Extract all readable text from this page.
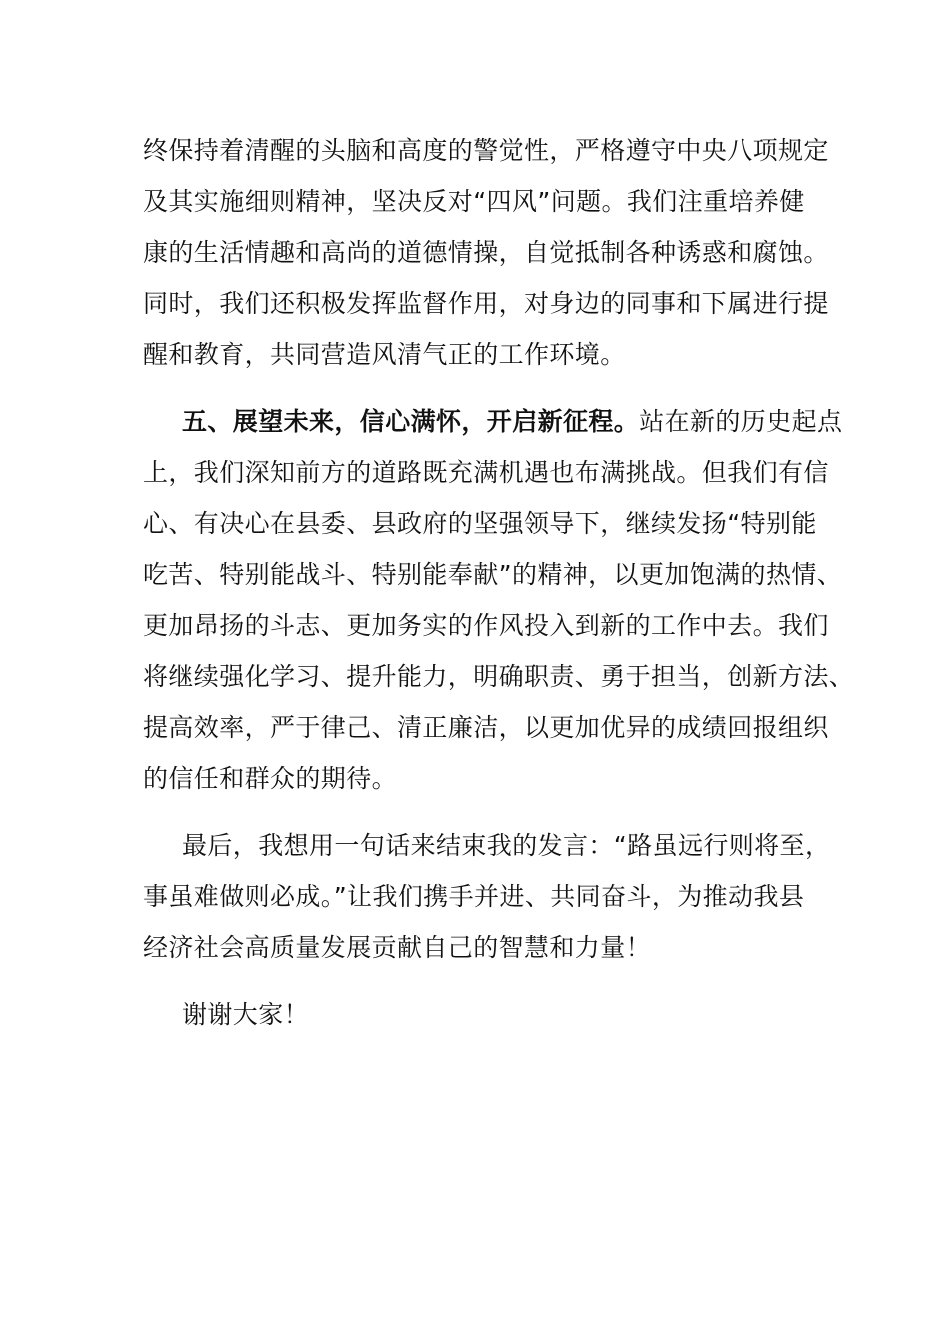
终保持着清醒的头脑和高度的警觉性，严格遵守中央八项规定
及其实施细则精神，坚决反对“四风”问题。我们注重培养健
康的生活情趣和高尚的道德情操，自觉抵制各种诱惑和腐蚀。
同时，我们还积极发挥监督作用，对身边的同事和下属进行提
醒和教育，共同营造风清气正的工作环境。
五、展望未来，信心满怀，开启新征程。站在新的历史起点
上，我们深知前方的道路既充满机遇也布满挑战。但我们有信
心、有决心在县委、县政府的坚强领导下，继续发扬“特别能
吃苦、特别能战斗、特别能奉献”的精神，以更加饱满的热情、
更加昂扬的斗志、更加务实的作风投入到新的工作中去。我们
将继续强化学习、提升能力，明确职责、勇于担当，创新方法、
提高效率，严于律己、清正廉洁，以更加优异的成绩回报组织
的信任和群众的期待。
最后，我想用一句话来结束我的发言：“路虽远行则将至，
事虽难做则必成。”让我们携手并进、共同奋斗，为推动我县
经济社会高质量发展贡献自己的智慧和力量！
谢谢大家！
